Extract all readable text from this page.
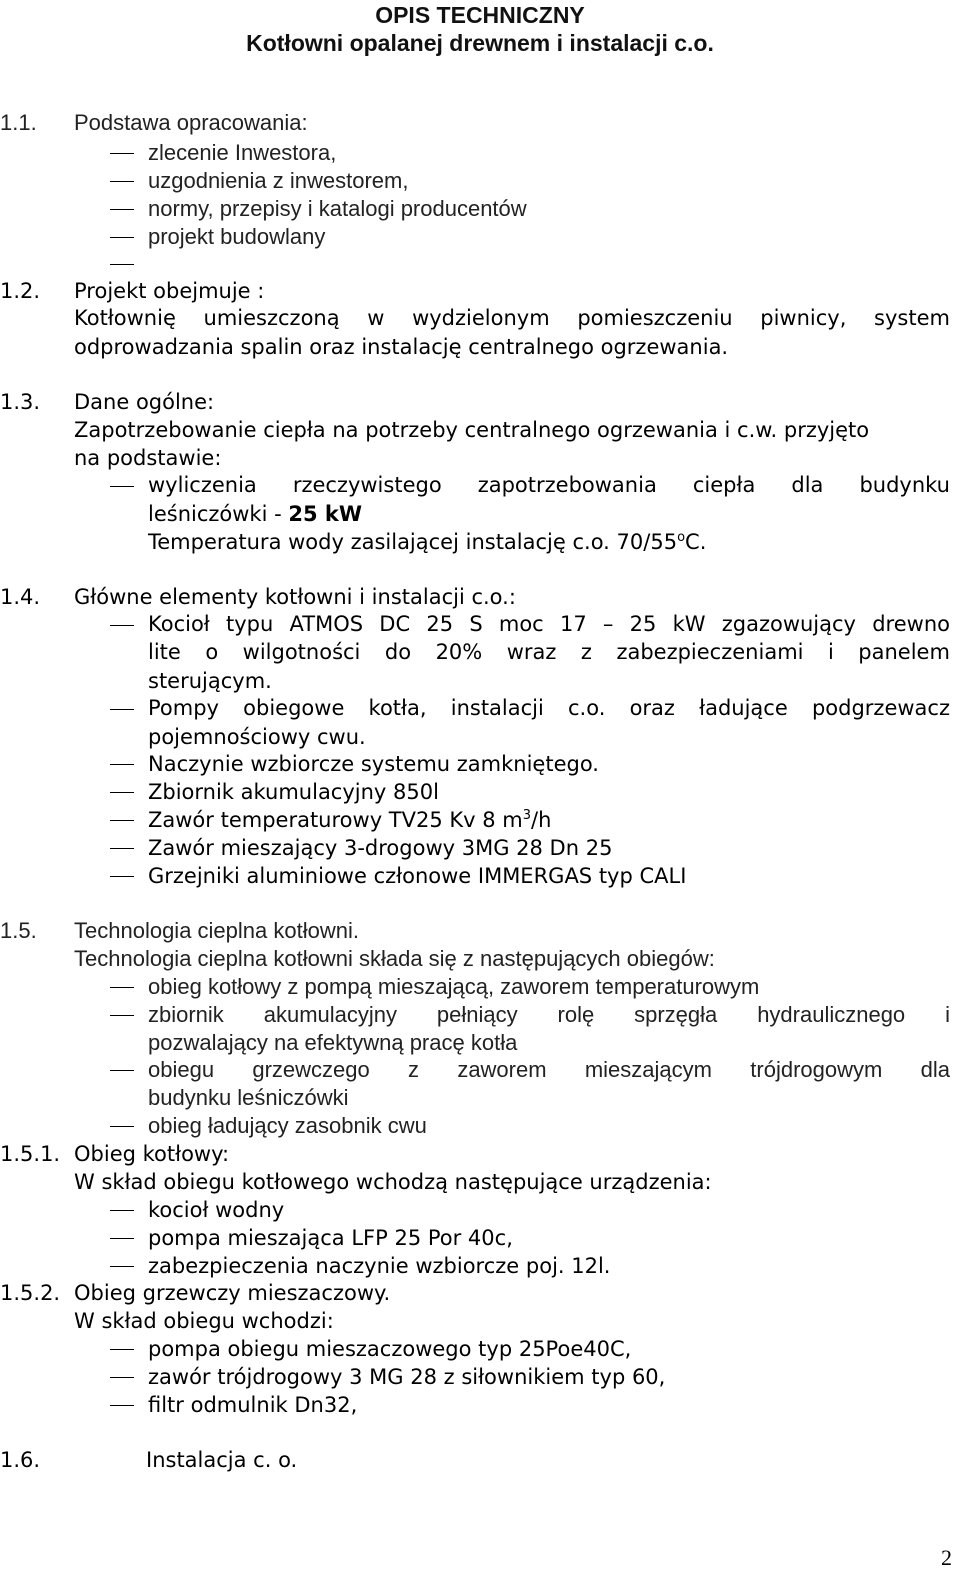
OPIS TECHNICZNY
Kotłowni opalanej drewnem i instalacji c.o.
1.1. Podstawa opracowania:
zlecenie Inwestora,
uzgodnienia z inwestorem,
normy, przepisy i katalogi producentów
projekt budowlany
1.2. Projekt obejmuje :
Kotłownię umieszczoną w wydzielonym pomieszczeniu piwnicy, system
odprowadzania spalin oraz instalację centralnego ogrzewania.
1.3. Dane ogólne:
Zapotrzebowanie ciepła na potrzeby centralnego ogrzewania i c.w. przyjęto
na podstawie:
wyliczenia rzeczywistego zapotrzebowania ciepła dla budynku
leśniczówki - 25 kW
Temperatura wody zasilającej instalację c.o. 70/55$^o$C.
1.4. Główne elementy kotłowni i instalacji c.o.:
Kocioł typu ATMOS DC 25 S moc 17 – 25 kW zgazowujący drewno
lite o wilgotności do 20% wraz z zabezpieczeniami i panelem
sterującym.
Pompy obiegowe kotła, instalacji c.o. oraz ładujące podgrzewacz
pojemnościowy cwu.
Naczynie wzbiorcze systemu zamkniętego.
Zbiornik akumulacyjny 850l
Zawór temperaturowy TV25 Kv 8 $m^3/h$
Zawór mieszający 3-drogowy 3MG 28 Dn 25
Grzejniki aluminiowe członowe IMMERGAS typ CALI
1.5. Technologia cieplna kotłowni.
Technologia cieplna kotłowni składa się z następujących obiegów:
obieg kotłowy z pompą mieszającą, zaworem temperaturowym
zbiornik akumulacyjny pełniący rolę sprzęgła hydraulicznego i
pozwalający na efektywną pracę kotła
obiegu grzewczego z zaworem mieszającym trójdrogowym dla
budynku leśniczówki
obieg ładujący zasobnik cwu
1.5.1. Obieg kotłowy:
W skład obiegu kotłowego wchodzą następujące urządzenia:
kocioł wodny
pompa mieszająca LFP 25 Por 40c,
zabezpieczenia naczynie wzbiorcze poj. 12l.
1.5.2. Obieg grzewczy mieszaczowy.
W skład obiegu wchodzi:
pompa obiegu mieszaczowego typ 25Poe40C,
zawór trójdrogowy 3 MG 28 z siłownikiem typ 60,
filtr odmulnik Dn32,
1.6.	Instalacja c. o.
2
